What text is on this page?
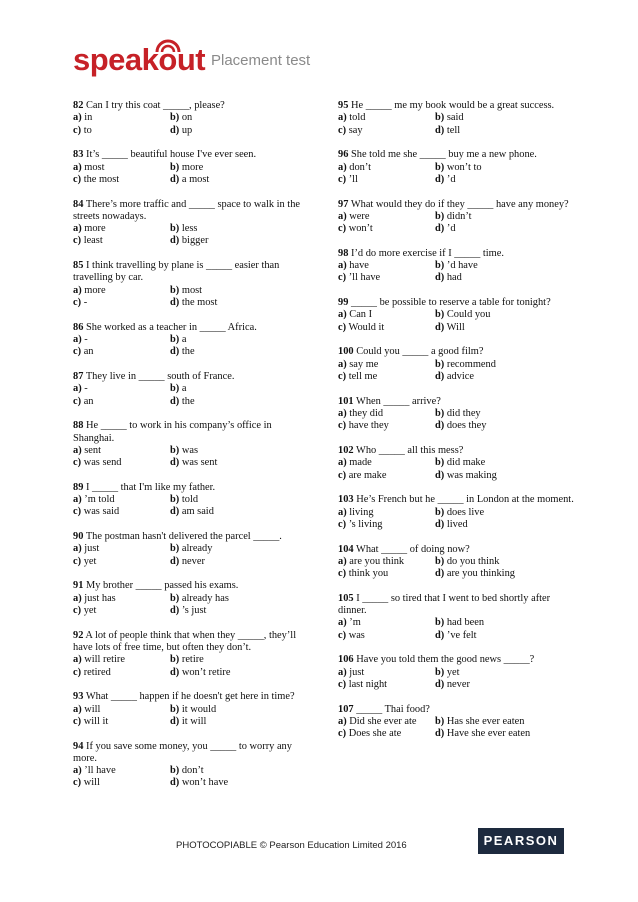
speakout Placement test
82 Can I try this coat _____, please?
a) in	b) on
c) to	d) up
83 It’s _____ beautiful house I've ever seen.
a) most	b) more
c) the most	d) a most
84 There’s more traffic and _____ space to walk in the streets nowadays.
a) more	b) less
c) least	d) bigger
85 I think travelling by plane is _____ easier than travelling by car.
a) more	b) most
c) -	d) the most
86 She worked as a teacher in _____ Africa.
a) -	b) a
c) an	d) the
87 They live in _____ south of France.
a) -	b) a
c) an	d) the
88 He _____ to work in his company’s office in Shanghai.
a) sent	b) was
c) was send	d) was sent
89 I _____ that I'm like my father.
a) ’m told	b) told
c) was said	d) am said
90 The postman hasn't delivered the parcel _____.
a) just	b) already
c) yet	d) never
91 My brother _____ passed his exams.
a) just has	b) already has
c) yet	d) ’s just
92 A lot of people think that when they _____, they’ll have lots of free time, but often they don’t.
a) will retire	b) retire
c) retired	d) won’t retire
93 What _____ happen if he doesn't get here in time?
a) will	b) it would
c) will it	d) it will
94 If you save some money, you _____ to worry any more.
a) ’ll have	b) don’t
c) will	d) won’t have
95 He _____ me my book would be a great success.
a) told	b) said
c) say	d) tell
96 She told me she _____ buy me a new phone.
a) don’t	b) won’t to
c) ’ll	d) ’d
97 What would they do if they _____ have any money?
a) were	b) didn’t
c) won’t	d) ’d
98 I’d do more exercise if I _____ time.
a) have	b) ’d have
c) ’ll have	d) had
99 _____ be possible to reserve a table for tonight?
a) Can I	b) Could you
c) Would it	d) Will
100 Could you _____ a good film?
a) say me	b) recommend
c) tell me	d) advice
101 When _____ arrive?
a) they did	b) did they
c) have they	d) does they
102 Who _____ all this mess?
a) made	b) did make
c) are make	d) was making
103 He’s French but he _____ in London at the moment.
a) living	b) does live
c) ’s living	d) lived
104 What _____ of doing now?
a) are you think	b) do you think
c) think you	d) are you thinking
105 I _____ so tired that I went to bed shortly after dinner.
a) ’m	b) had been
c) was	d) ’ve felt
106 Have you told them the good news _____?
a) just	b) yet
c) last night	d) never
107 _____ Thai food?
a) Did she ever ate	b) Has she ever eaten
c) Does she ate	d) Have she ever eaten
PHOTOCOPIABLE © Pearson Education Limited 2016	PEARSON
